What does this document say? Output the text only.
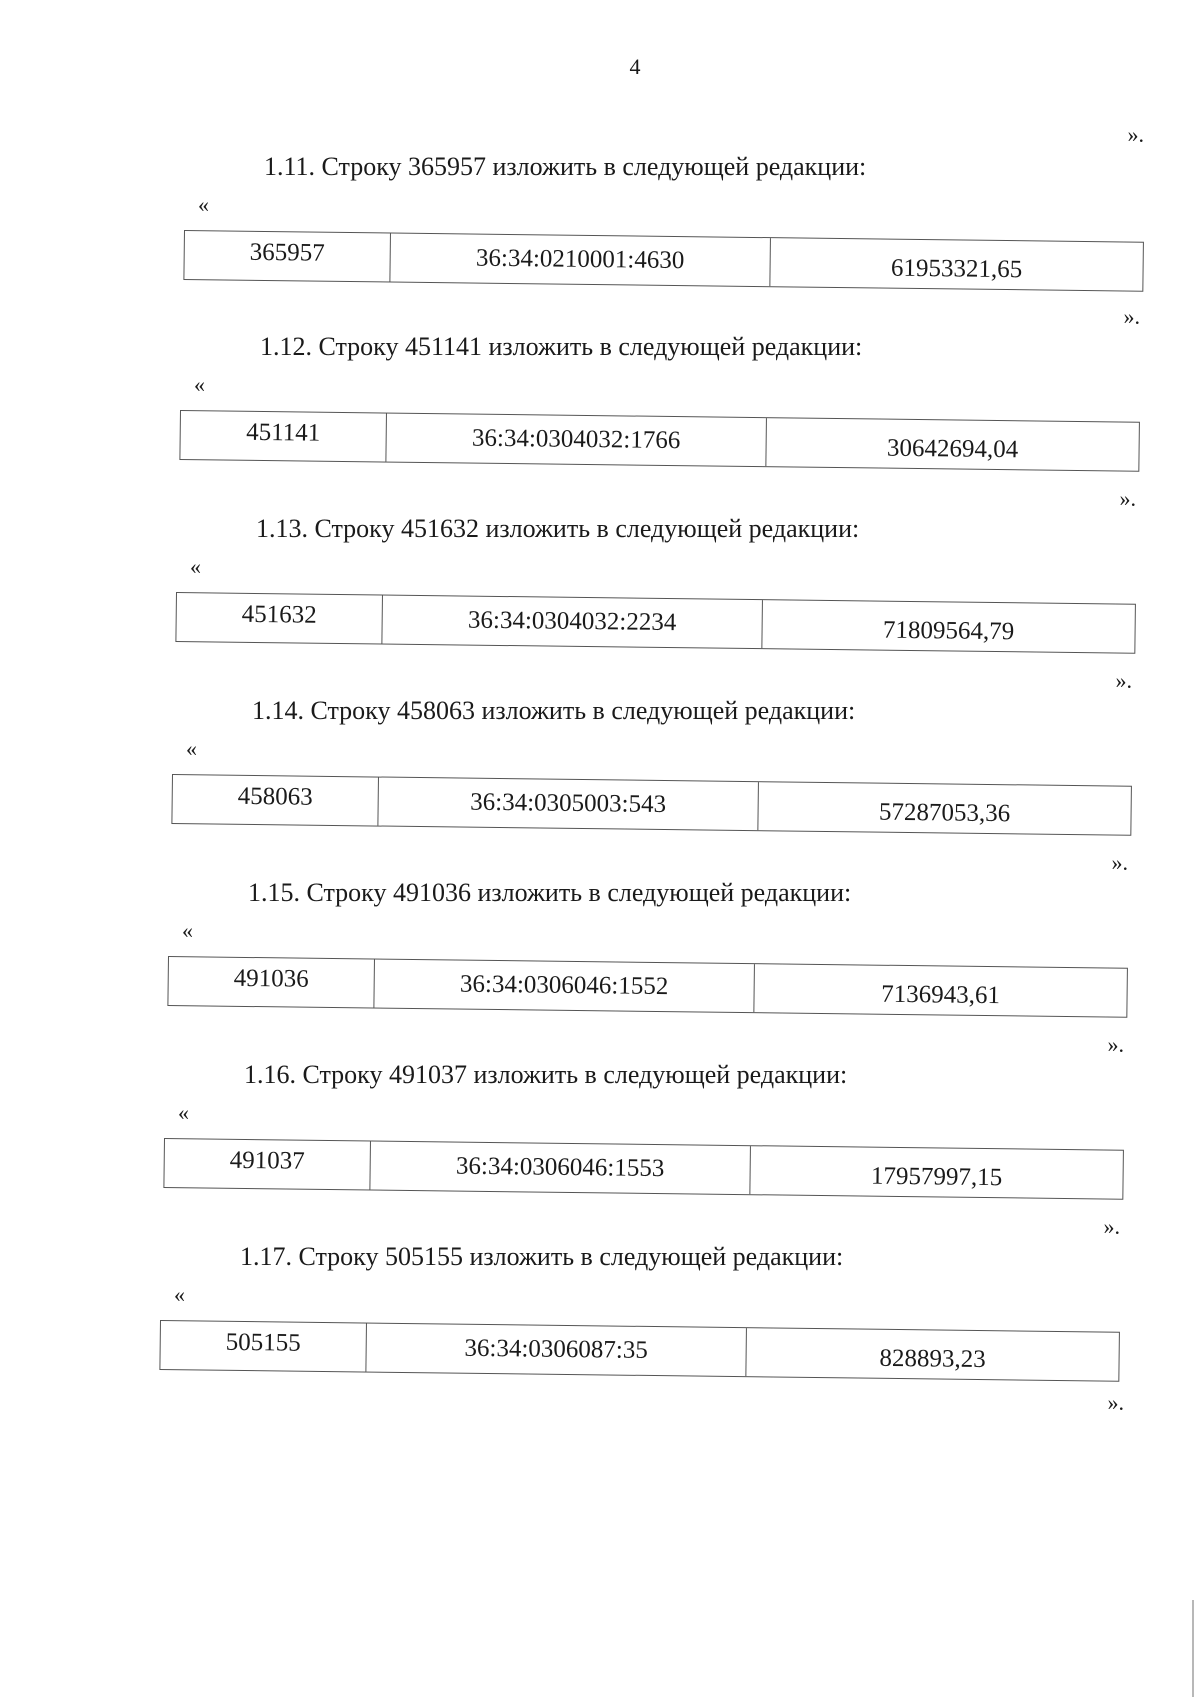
4
».
1.11. Строку 365957 изложить в следующей редакции:
«
365957	36:34:0210001:4630	61953321,65
».
1.12. Строку 451141 изложить в следующей редакции:
«
451141	36:34:0304032:1766	30642694,04
».
1.13. Строку 451632 изложить в следующей редакции:
«
451632	36:34:0304032:2234	71809564,79
».
1.14. Строку 458063 изложить в следующей редакции:
«
458063	36:34:0305003:543	57287053,36
».
1.15. Строку 491036 изложить в следующей редакции:
«
491036	36:34:0306046:1552	7136943,61
».
1.16. Строку 491037 изложить в следующей редакции:
«
491037	36:34:0306046:1553	17957997,15
».
1.17. Строку 505155 изложить в следующей редакции:
«
505155	36:34:0306087:35	828893,23
».
